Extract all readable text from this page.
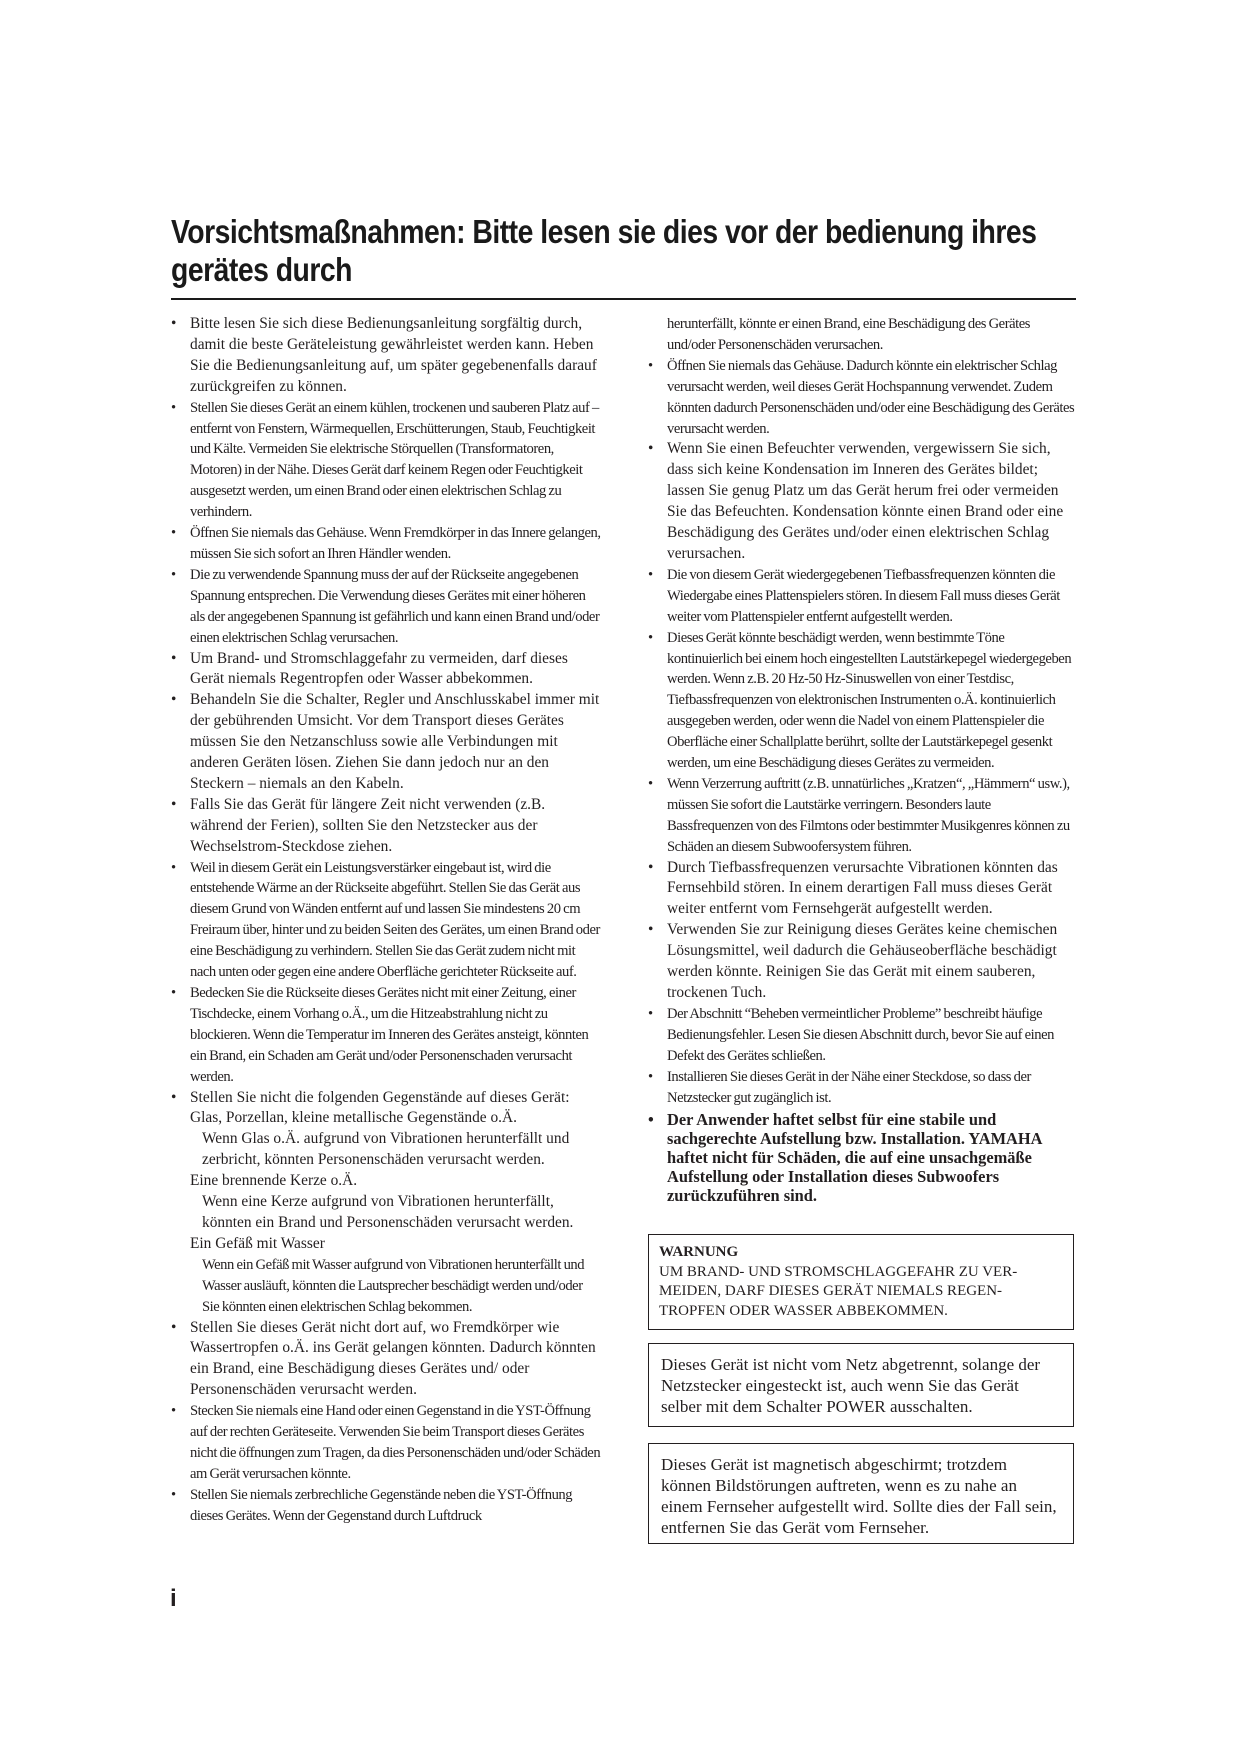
Vorsichtsmaßnahmen: Bitte lesen sie dies vor der bedienung ihres gerätes durch
• Bitte lesen Sie sich diese Bedienungsanleitung sorgfältig durch, damit die beste Geräteleistung gewährleistet werden kann. Heben Sie die Bedienungsanleitung auf, um später gegebenenfalls darauf zurückgreifen zu können.
• Stellen Sie dieses Gerät an einem kühlen, trockenen und sauberen Platz auf – entfernt von Fenstern, Wärmequellen, Erschütterungen, Staub, Feuchtigkeit und Kälte. Vermeiden Sie elektrische Störquellen (Transformatoren, Motoren) in der Nähe. Dieses Gerät darf keinem Regen oder Feuchtigkeit ausgesetzt werden, um einen Brand oder einen elektrischen Schlag zu verhindern.
• Öffnen Sie niemals das Gehäuse. Wenn Fremdkörper in das Innere gelangen, müssen Sie sich sofort an Ihren Händler wenden.
• Die zu verwendende Spannung muss der auf der Rückseite angegebenen Spannung entsprechen. Die Verwendung dieses Gerätes mit einer höheren als der angegebenen Spannung ist gefährlich und kann einen Brand und/oder einen elektrischen Schlag verursachen.
• Um Brand- und Stromschlaggefahr zu vermeiden, darf dieses Gerät niemals Regentropfen oder Wasser abbekommen.
• Behandeln Sie die Schalter, Regler und Anschlusskabel immer mit der gebührenden Umsicht. Vor dem Transport dieses Gerätes müssen Sie den Netzanschluss sowie alle Verbindungen mit anderen Geräten lösen. Ziehen Sie dann jedoch nur an den Steckern – niemals an den Kabeln.
• Falls Sie das Gerät für längere Zeit nicht verwenden (z.B. während der Ferien), sollten Sie den Netzstecker aus der Wechselstrom-Steckdose ziehen.
• Weil in diesem Gerät ein Leistungsverstärker eingebaut ist, wird die entstehende Wärme an der Rückseite abgeführt. Stellen Sie das Gerät aus diesem Grund von Wänden entfernt auf und lassen Sie mindestens 20 cm Freiraum über, hinter und zu beiden Seiten des Gerätes, um einen Brand oder eine Beschädigung zu verhindern. Stellen Sie das Gerät zudem nicht mit nach unten oder gegen eine andere Oberfläche gerichteter Rückseite auf.
• Bedecken Sie die Rückseite dieses Gerätes nicht mit einer Zeitung, einer Tischdecke, einem Vorhang o.Ä., um die Hitzeabstrahlung nicht zu blockieren. Wenn die Temperatur im Inneren des Gerätes ansteigt, könnten ein Brand, ein Schaden am Gerät und/oder Personenschaden verursacht werden.
• Stellen Sie nicht die folgenden Gegenstände auf dieses Gerät: Glas, Porzellan, kleine metallische Gegenstände o.Ä.
Wenn Glas o.Ä. aufgrund von Vibrationen herunterfällt und zerbricht, könnten Personenschäden verursacht werden.
Eine brennende Kerze o.Ä.
Wenn eine Kerze aufgrund von Vibrationen herunterfällt, könnten ein Brand und Personenschäden verursacht werden.
Ein Gefäß mit Wasser
Wenn ein Gefäß mit Wasser aufgrund von Vibrationen herunterfällt und Wasser ausläuft, könnten die Lautsprecher beschädigt werden und/oder Sie könnten einen elektrischen Schlag bekommen.
• Stellen Sie dieses Gerät nicht dort auf, wo Fremdkörper wie Wassertropfen o.Ä. ins Gerät gelangen könnten. Dadurch könnten ein Brand, eine Beschädigung dieses Gerätes und/ oder Personenschäden verursacht werden.
• Stecken Sie niemals eine Hand oder einen Gegenstand in die YST-Öffnung auf der rechten Geräteseite. Verwenden Sie beim Transport dieses Gerätes nicht die öffnungen zum Tragen, da dies Personenschäden und/oder Schäden am Gerät verursachen könnte.
• Stellen Sie niemals zerbrechliche Gegenstände neben die YST-Öffnung dieses Gerätes. Wenn der Gegenstand durch Luftdruck
herunterfällt, könnte er einen Brand, eine Beschädigung des Gerätes und/oder Personenschäden verursachen.
• Öffnen Sie niemals das Gehäuse. Dadurch könnte ein elektrischer Schlag verursacht werden, weil dieses Gerät Hochspannung verwendet. Zudem könnten dadurch Personenschäden und/oder eine Beschädigung des Gerätes verursacht werden.
• Wenn Sie einen Befeuchter verwenden, vergewissern Sie sich, dass sich keine Kondensation im Inneren des Gerätes bildet; lassen Sie genug Platz um das Gerät herum frei oder vermeiden Sie das Befeuchten. Kondensation könnte einen Brand oder eine Beschädigung des Gerätes und/oder einen elektrischen Schlag verursachen.
• Die von diesem Gerät wiedergegebenen Tiefbassfrequenzen könnten die Wiedergabe eines Plattenspielers stören. In diesem Fall muss dieses Gerät weiter vom Plattenspieler entfernt aufgestellt werden.
• Dieses Gerät könnte beschädigt werden, wenn bestimmte Töne kontinuierlich bei einem hoch eingestellten Lautstärkepegel wiedergegeben werden. Wenn z.B. 20 Hz-50 Hz-Sinuswellen von einer Testdisc, Tiefbassfrequenzen von elektronischen Instrumenten o.Ä. kontinuierlich ausgegeben werden, oder wenn die Nadel von einem Plattenspieler die Oberfläche einer Schallplatte berührt, sollte der Lautstärkepegel gesenkt werden, um eine Beschädigung dieses Gerätes zu vermeiden.
• Wenn Verzerrung auftritt (z.B. unnatürliches „Kratzen“, „Hämmern“ usw.), müssen Sie sofort die Lautstärke verringern. Besonders laute Bassfrequenzen von des Filmtons oder bestimmter Musikgenres können zu Schäden an diesem Subwoofersystem führen.
• Durch Tiefbassfrequenzen verursachte Vibrationen könnten das Fernsehbild stören. In einem derartigen Fall muss dieses Gerät weiter entfernt vom Fernsehgerät aufgestellt werden.
• Verwenden Sie zur Reinigung dieses Gerätes keine chemischen Lösungsmittel, weil dadurch die Gehäuseoberfläche beschädigt werden könnte. Reinigen Sie das Gerät mit einem sauberen, trockenen Tuch.
• Der Abschnitt “Beheben vermeintlicher Probleme” beschreibt häufige Bedienungsfehler. Lesen Sie diesen Abschnitt durch, bevor Sie auf einen Defekt des Gerätes schließen.
• Installieren Sie dieses Gerät in der Nähe einer Steckdose, so dass der Netzstecker gut zugänglich ist.
• Der Anwender haftet selbst für eine stabile und sachgerechte Aufstellung bzw. Installation. YAMAHA haftet nicht für Schäden, die auf eine unsachgemäße Aufstellung oder Installation dieses Subwoofers zurückzuführen sind.
WARNUNG
UM BRAND- UND STROMSCHLAGGEFAHR ZU VER-MEIDEN, DARF DIESES GERÄT NIEMALS REGEN-TROPFEN ODER WASSER ABBEKOMMEN.
Dieses Gerät ist nicht vom Netz abgetrennt, solange der Netzstecker eingesteckt ist, auch wenn Sie das Gerät selber mit dem Schalter POWER ausschalten.
Dieses Gerät ist magnetisch abgeschirmt; trotzdem können Bildstörungen auftreten, wenn es zu nahe an einem Fernseher aufgestellt wird. Sollte dies der Fall sein, entfernen Sie das Gerät vom Fernseher.
i
